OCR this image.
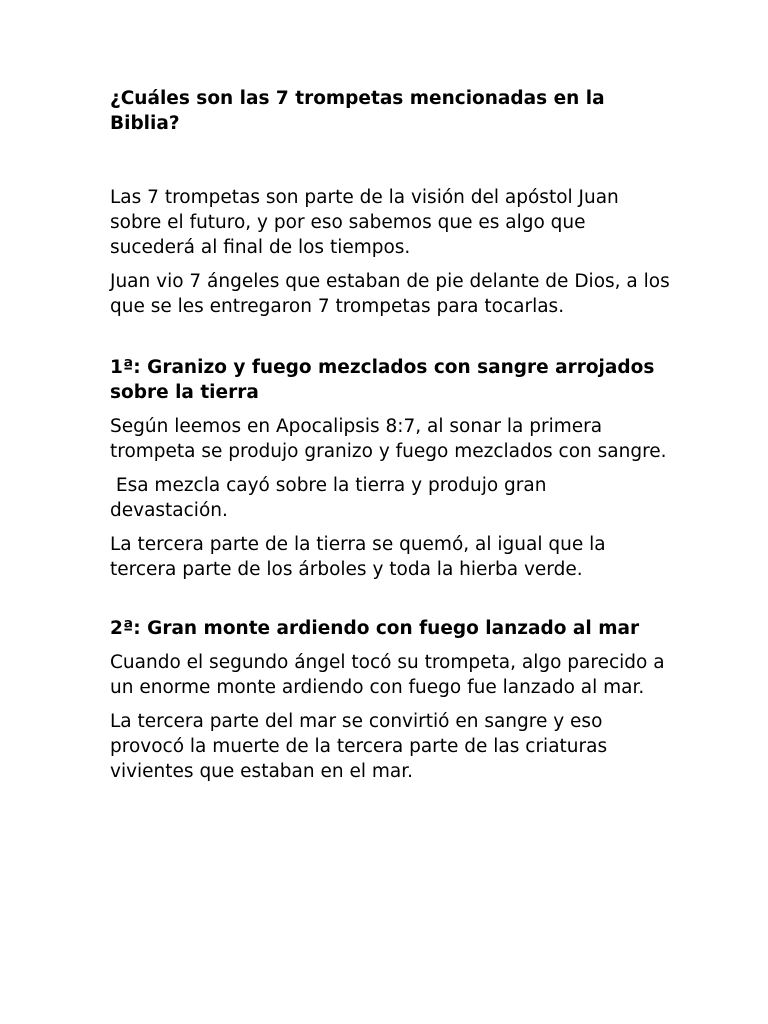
¿Cuáles son las 7 trompetas mencionadas en la Biblia?

Las 7 trompetas son parte de la visión del apóstol Juan sobre el futuro, y por eso sabemos que es algo que sucederá al final de los tiempos.

Juan vio 7 ángeles que estaban de pie delante de Dios, a los que se les entregaron 7 trompetas para tocarlas.

1ª: Granizo y fuego mezclados con sangre arrojados sobre la tierra

Según leemos en Apocalipsis 8:7, al sonar la primera trompeta se produjo granizo y fuego mezclados con sangre.

Esa mezcla cayó sobre la tierra y produjo gran devastación.

La tercera parte de la tierra se quemó, al igual que la tercera parte de los árboles y toda la hierba verde.

2ª: Gran monte ardiendo con fuego lanzado al mar

Cuando el segundo ángel tocó su trompeta, algo parecido a un enorme monte ardiendo con fuego fue lanzado al mar.

La tercera parte del mar se convirtió en sangre y eso provocó la muerte de la tercera parte de las criaturas vivientes que estaban en el mar.
